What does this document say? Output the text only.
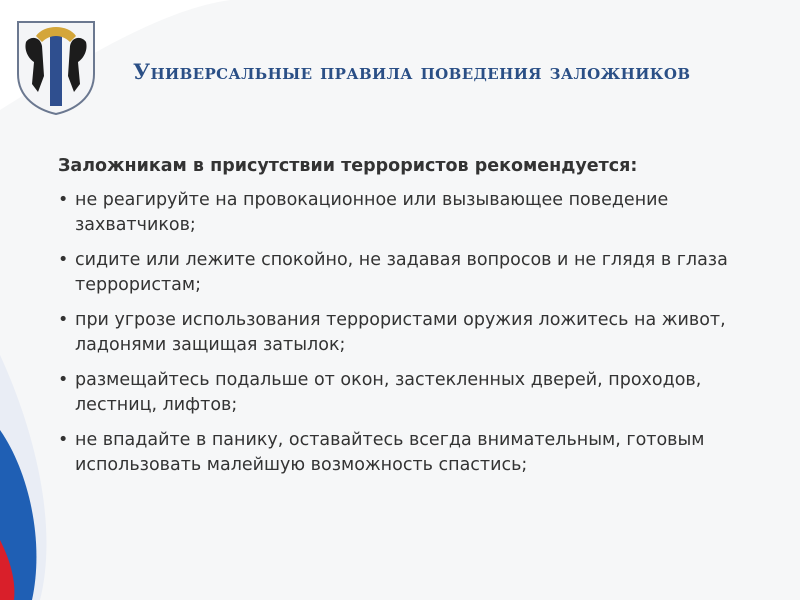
Универсальные правила поведения заложников
Заложникам в присутствии террористов рекомендуется:
• не реагируйте на провокационное или вызывающее поведение захватчиков;
• сидите или лежите спокойно, не задавая вопросов и не глядя в глаза террористам;
• при угрозе использования террористами оружия ложитесь на живот, ладонями защищая затылок;
• размещайтесь подальше от окон, застекленных дверей, проходов, лестниц, лифтов;
• не впадайте в панику, оставайтесь всегда внимательным, готовым использовать малейшую возможность спастись;
